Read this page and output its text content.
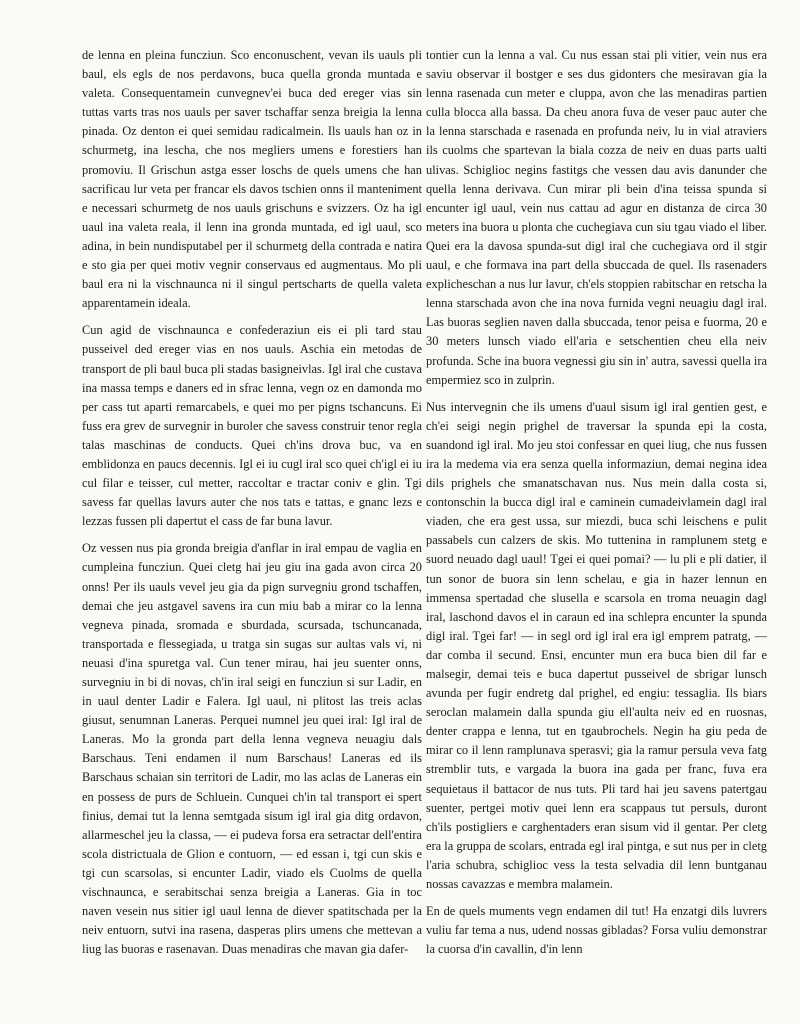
de lenna en pleina funcziun. Sco enconuschent, vevan ils uauls pli baul, els egls de nos perdavons, buca quella gronda muntada e valeta. Consequentamein cunvegnev'ei buca ded ereger vias sin tuttas varts tras nos uauls per saver tschaffar senza breigia la lenna pinada. Oz denton ei quei semidau radicalmein. Ils uauls han oz in schurmetg, ina lescha, che nos megliers umens e forestiers han promoviu. Il Grischun astga esser loschs de quels umens che han sacrificau lur veta per francar els davos tschien onns il manteniment e necessari schurmetg de nos uauls grischuns e svizzers. Oz ha igl uaul ina valeta reala, il lenn ina gronda muntada, ed igl uaul, sco adina, in bein nundisputabel per il schurmetg della contrada e natira e sto gia per quei motiv vegnir conservaus ed augmentaus. Mo pli baul era ni la vischnaunca ni il singul pertscharts de quella valeta apparentamein ideala.

Cun agid de vischnaunca e confederaziun eis ei pli tard stau pusseivel ded ereger vias en nos uauls. Aschia ein metodas de transport de pli baul buca pli stadas basigneivlas. Igl iral che custava ina massa temps e daners ed in sfrac lenna, vegn oz en damonda mo per cass tut aparti remarcabels, e quei mo per pigns tschancuns. Ei fuss era grev de survegnir in buroler che savess construir tenor regla talas maschinas de conducts. Quei ch'ins drova buc, va en emblidonza en paucs decennis. Igl ei iu cugl iral sco quei ch'igl ei iu cul filar e teisser, cul metter, raccoltar e tractar coniv e glin. Tgi savess far quellas lavurs auter che nos tats e tattas, e gnanc lezs e lezzas fussen pli dapertut el cass de far buna lavur.

Oz vessen nus pia gronda breigia d'anflar in iral empau de vaglia en cumpleina funcziun. Quei cletg hai jeu giu ina gada avon circa 20 onns! Per ils uauls vevel jeu gia da pign survegniu grond tschaffen, demai che jeu astgavel savens ira cun miu bab a mirar co la lenna vegneva pinada, sromada e sburdada, scursada, tschuncanada, transportada e flessegiada, u tratga sin sugas sur aultas vals vi, ni neuasi d'ina spuretga val. Cun tener mirau, hai jeu suenter onns, survegniu in bi di novas, ch'in iral seigi en funcziun si sur Ladir, en in uaul denter Ladir e Falera. Igl uaul, ni plitost las treis aclas giusut, senumnan Laneras. Perquei numnel jeu quei iral: Igl iral de Laneras. Mo la gronda part della lenna vegneva neuagiu dals Barschaus. Teni endamen il num Barschaus! Laneras ed ils Barschaus schaian sin territori de Ladir, mo las aclas de Laneras ein en possess de purs de Schluein. Cunquei ch'in tal transport ei spert finius, demai tut la lenna semtgada sisum igl iral gia ditg ordavon, allarmeschel jeu la classa, — ei pudeva forsa era setractar dell'entira scola districtuala de Glion e contuorn, — ed essan i, tgi cun skis e tgi cun scarsolas, si encunter Ladir, viado els Cuolms de quella vischnaunca, e serabitschai senza breigia a Laneras. Gia in toc naven vesein nus sitier igl uaul lenna de diever spatitschada per la neiv entuorn, sutvi ina rasena, dasperas plirs umens che mettevan a liug las buoras e rasenavan. Duas menadiras che mavan gia dafer-

tontier cun la lenna a val. Cu nus essan stai pli vitier, vein nus era saviu observar il bostger e ses dus gidonters che mesiravan gia la lenna rasenada cun meter e cluppa, avon che las menadiras partien culla blocca alla bassa. Da cheu anora fuva de veser pauc auter che la lenna starschada e rasenada en profunda neiv, lu in vial atraviers ils cuolms che spartevan la biala cozza de neiv en duas parts ualti ulivas. Schiglioc negins fastitgs che vessen dau avis danunder che quella lenna derivava. Cun mirar pli bein d'ina teissa spunda si encunter igl uaul, vein nus cattau ad agur en distanza de circa 30 meters ina buora u plonta che cuchegiava cun siu tgau viado el liber. Quei era la davosa spunda-sut digl iral che cuchegiava ord il stgir uaul, e che formava ina part della sbuccada de quel. Ils rasenaders explicheschan a nus lur lavur, ch'els stoppien rabitschar en retscha la lenna starschada avon che ina nova furnida vegni neuagiu dagl iral. Las buoras seglien naven dalla sbuccada, tenor peisa e fuorma, 20 e 30 meters lunsch viado ell'aria e setschentien cheu ella neiv profunda. Sche ina buora vegnessi giu sin in' autra, savessi quella ira empermiez sco in zulprin.

Nus intervegnin che ils umens d'uaul sisum igl iral gentien gest, e ch'ei seigi negin prighel de traversar la spunda epi la costa, suandond igl iral. Mo jeu stoi confessar en quei liug, che nus fussen ira la medema via era senza quella informaziun, demai negina idea dils prighels che smanatschavan nus. Nus mein dalla costa si, contonschin la bucca digl iral e caminein cumadeivlamein dagl iral viaden, che era gest ussa, sur miezdi, buca schi leischens e pulit passabels cun calzers de skis. Mo tuttenina in ramplunem stetg e suord neuado dagl uaul! Tgei ei quei pomai? — lu pli e pli datier, il tun sonor de buora sin lenn schelau, e gia in hazer lennun en immensa spertadad che slusella e scarsola en troma neuagin dagl iral, laschond davos el in caraun ed ina schlepra encunter la spunda digl iral. Tgei far! — in segl ord igl iral era igl emprem patratg, — dar comba il secund. Ensi, encunter mun era buca bien dil far e malsegir, demai teis e buca dapertut pusseivel de sbrigar lunsch avunda per fugir endretg dal prighel, ed engiu: tessaglia. Ils biars seroclan malamein dalla spunda giu ell'aulta neiv ed en ruosnas, denter crappa e lenna, tut en tgaubrochels. Negin ha giu peda de mirar co il lenn ramplunava sperasvi; gia la ramur persula veva fatg stremblir tuts, e vargada la buora ina gada per franc, fuva era sequietaus il battacor de nus tuts. Pli tard hai jeu savens patertgau suenter, pertgei motiv quei lenn era scappaus tut persuls, duront ch'ils postigliers e carghentaders eran sisum vid il gentar. Per cletg era la gruppa de scolars, entrada egl iral pintga, e sut nus per in cletg l'aria schubra, schiglioc vess la testa selvadia dil lenn buntganau nossas cavazzas e membra malamein.

En de quels muments vegn endamen dil tut! Ha enzatgi dils luvrers vuliu far tema a nus, udend nossas gibladas? Forsa vuliu demonstrar la cuorsa d'in cavallin, d'in lenn
